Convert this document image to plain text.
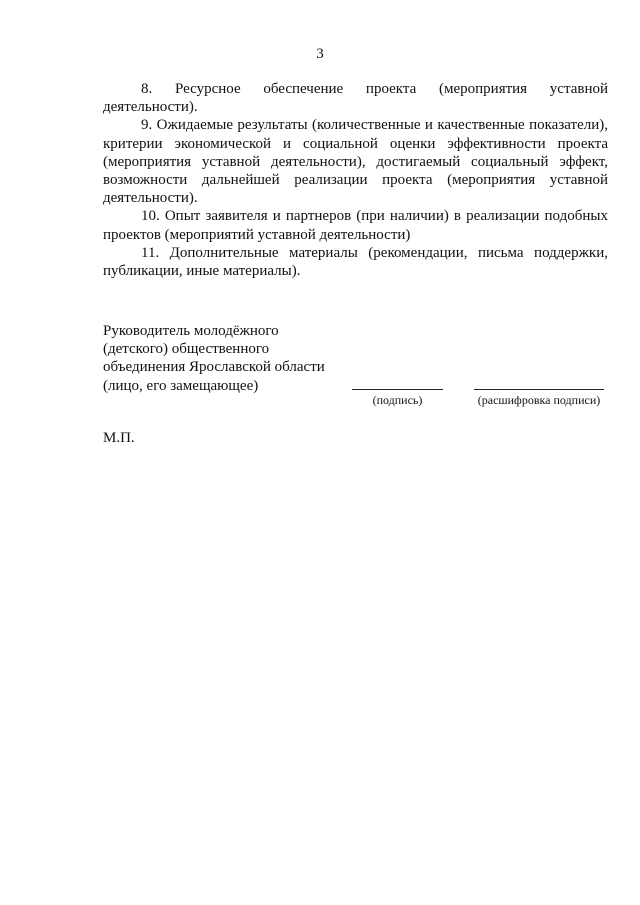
3

8. Ресурсное обеспечение проекта (мероприятия уставной деятельности).

9. Ожидаемые результаты (количественные и качественные показатели), критерии экономической и социальной оценки эффективности проекта (мероприятия уставной деятельности), достигаемый социальный эффект, возможности дальнейшей реализации проекта (мероприятия уставной деятельности).

10. Опыт заявителя и партнеров (при наличии) в реализации подобных проектов (мероприятий уставной деятельности)

11. Дополнительные материалы (рекомендации, письма поддержки, публикации, иные материалы).

Руководитель молодёжного
(детского) общественного
объединения Ярославской области
(лицо, его замещающее)
(подпись)	(расшифровка подписи)
М.П.
